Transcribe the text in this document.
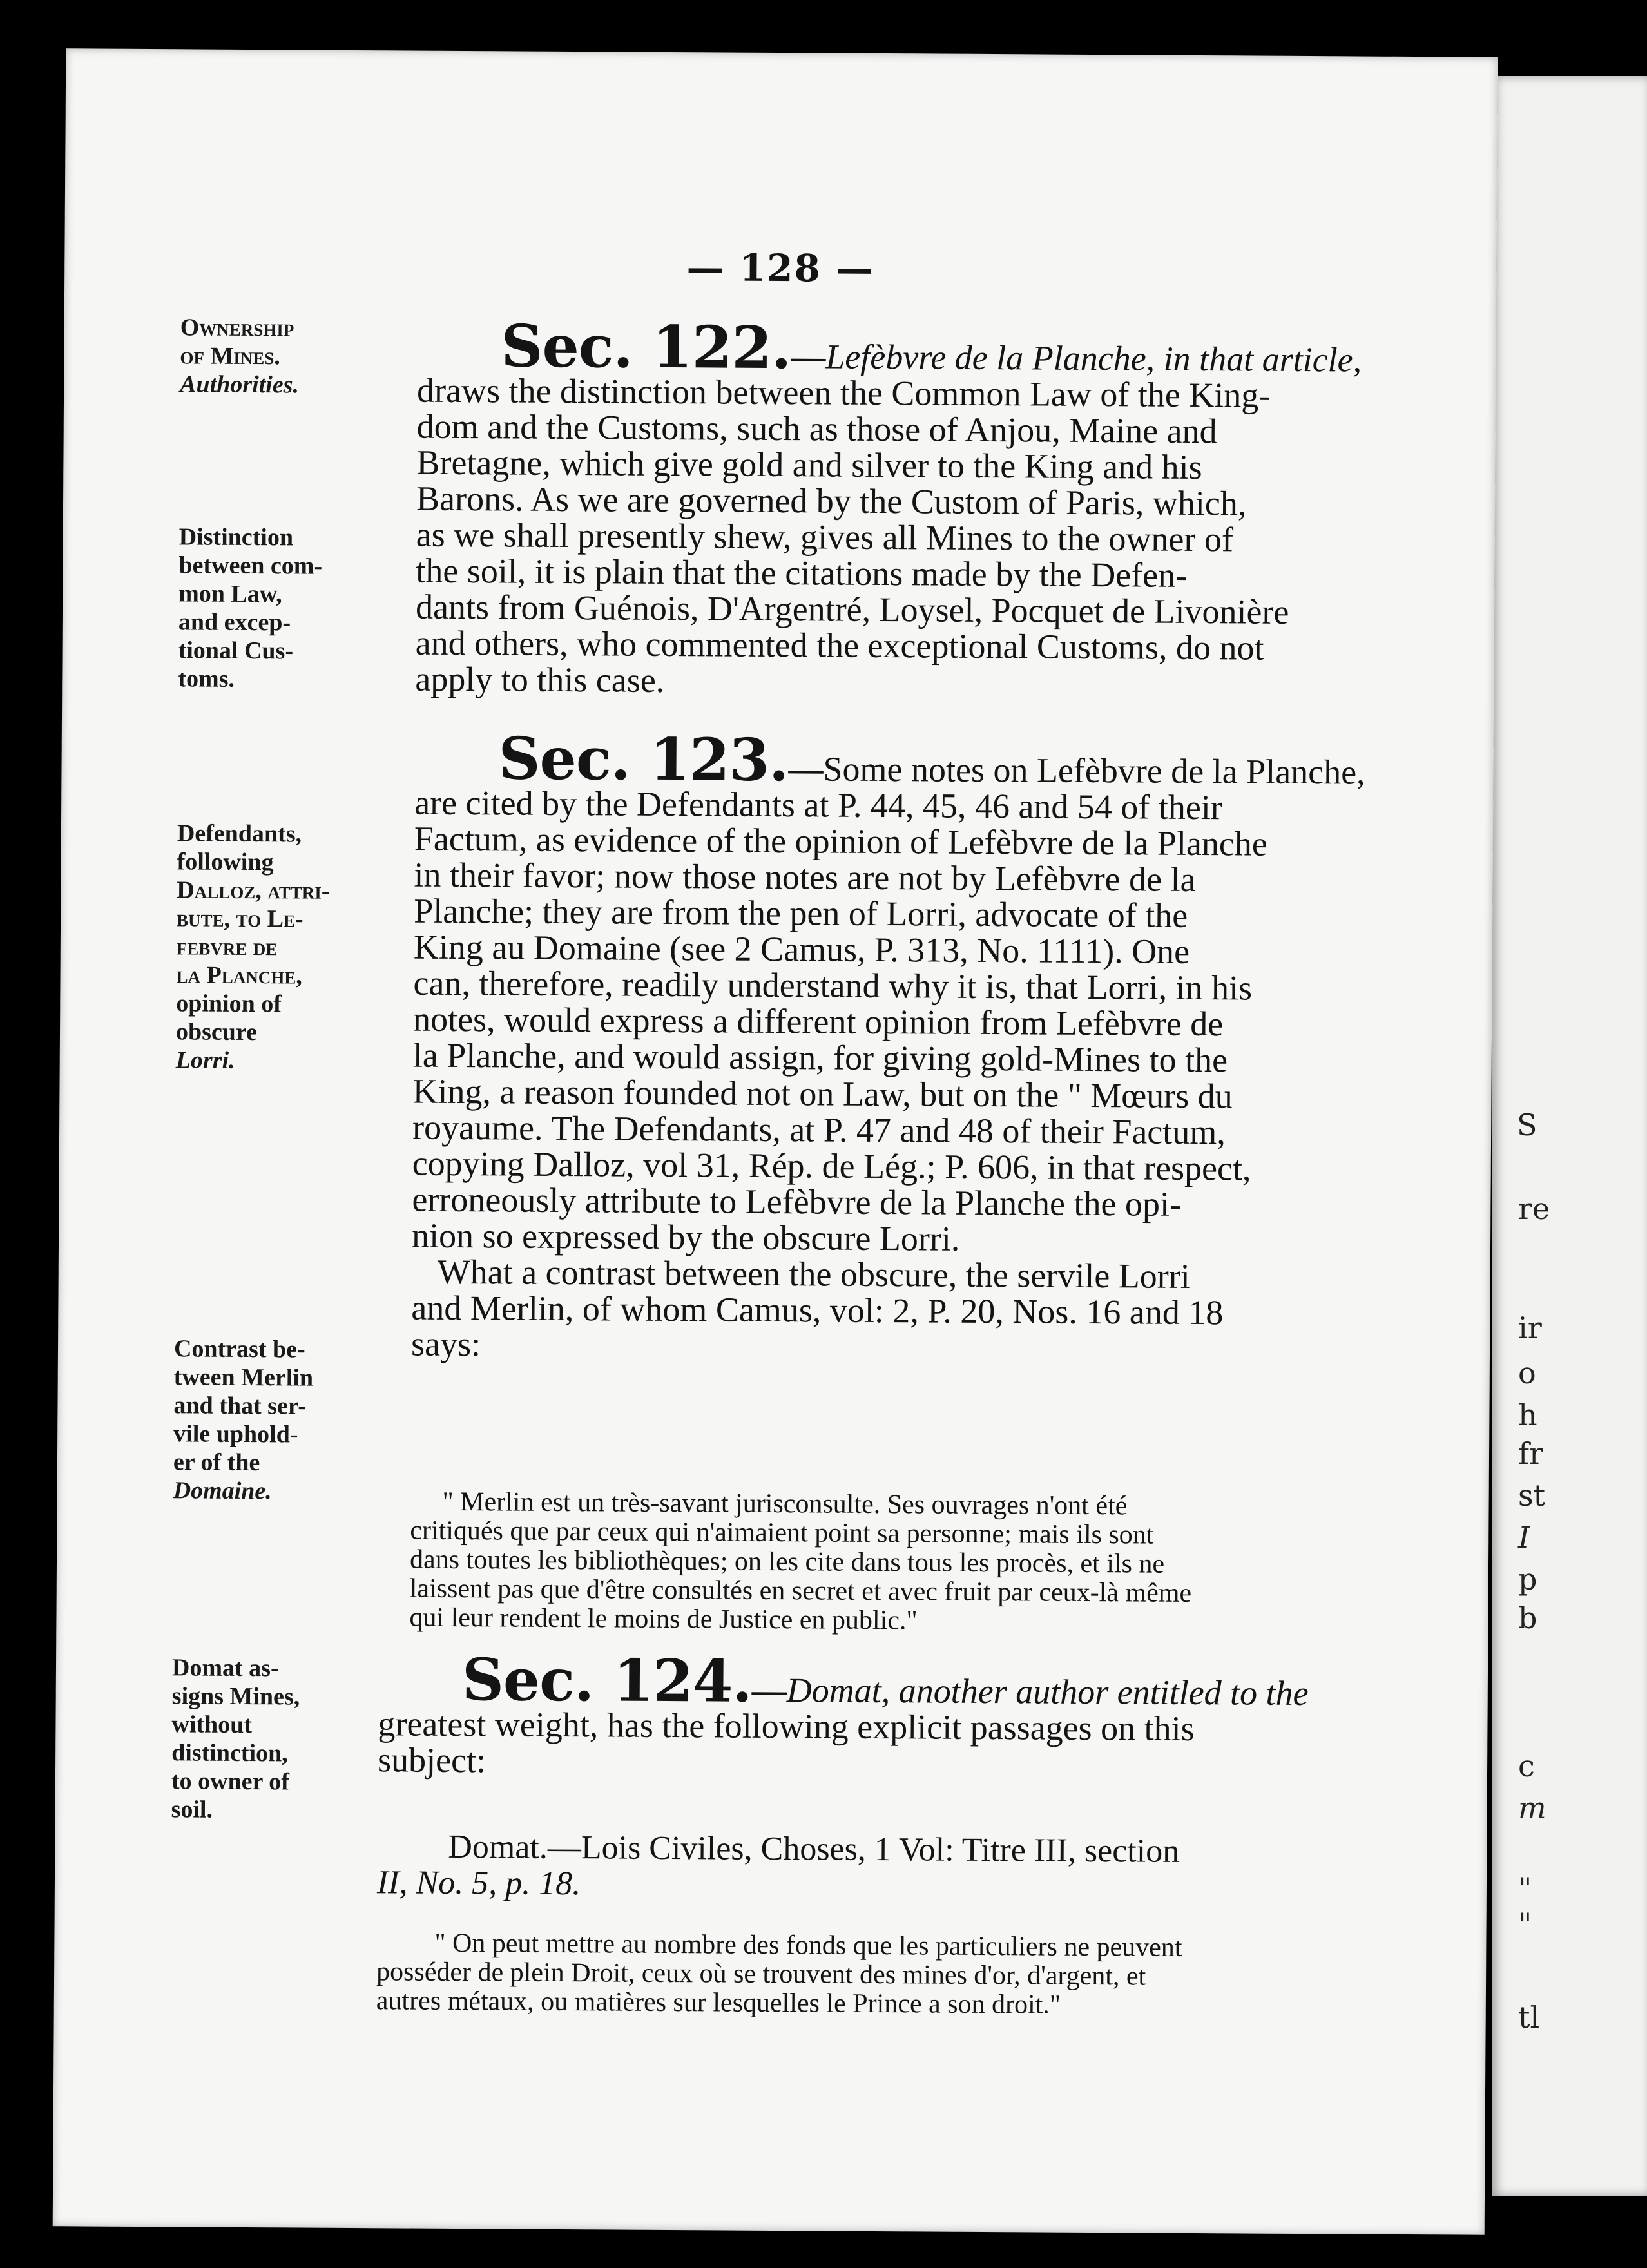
S
re
ir
o
h
fr
st
I
p
b
c
m
"
"
tl
— 128 —
Ownership
of Mines.
Authorities.
Distinction
between com-
mon Law,
and excep-
tional Cus-
toms.
Defendants,
following
Dalloz, attri-
bute, to Le-
febvre de
la Planche,
opinion of
obscure
Lorri.
Contrast be-
tween Merlin
and that ser-
vile uphold-
er of the
Domaine.
Domat as-
signs Mines,
without
distinction,
to owner of
soil.
Sec. 122.—Lefèbvre de la Planche, in that article,
draws the distinction between the Common Law of the King-
dom and the Customs, such as those of Anjou, Maine and
Bretagne, which give gold and silver to the King and his
Barons. As we are governed by the Custom of Paris, which,
as we shall presently shew, gives all Mines to the owner of
the soil, it is plain that the citations made by the Defen-
dants from Guénois, D'Argentré, Loysel, Pocquet de Livonière
and others, who commented the exceptional Customs, do not
apply to this case.
Sec. 123.—Some notes on Lefèbvre de la Planche,
are cited by the Defendants at P. 44, 45, 46 and 54 of their
Factum, as evidence of the opinion of Lefèbvre de la Planche
in their favor; now those notes are not by Lefèbvre de la
Planche; they are from the pen of Lorri, advocate of the
King au Domaine (see 2 Camus, P. 313, No. 1111). One
can, therefore, readily understand why it is, that Lorri, in his
notes, would express a different opinion from Lefèbvre de
la Planche, and would assign, for giving gold-Mines to the
King, a reason founded not on Law, but on the " Mœurs du
royaume. The Defendants, at P. 47 and 48 of their Factum,
copying Dalloz, vol 31, Rép. de Lég.; P. 606, in that respect,
erroneously attribute to Lefèbvre de la Planche the opi-
nion so expressed by the obscure Lorri.
What a contrast between the obscure, the servile Lorri
and Merlin, of whom Camus, vol: 2, P. 20, Nos. 16 and 18
says:
" Merlin est un très-savant jurisconsulte. Ses ouvrages n'ont été
critiqués que par ceux qui n'aimaient point sa personne; mais ils sont
dans toutes les bibliothèques; on les cite dans tous les procès, et ils ne
laissent pas que d'être consultés en secret et avec fruit par ceux-là même
qui leur rendent le moins de Justice en public."
Sec. 124.—Domat, another author entitled to the
greatest weight, has the following explicit passages on this
subject:
Domat.—Lois Civiles, Choses, 1 Vol: Titre III, section
II, No. 5, p. 18.
" On peut mettre au nombre des fonds que les particuliers ne peuvent
posséder de plein Droit, ceux où se trouvent des mines d'or, d'argent, et
autres métaux, ou matières sur lesquelles le Prince a son droit."
